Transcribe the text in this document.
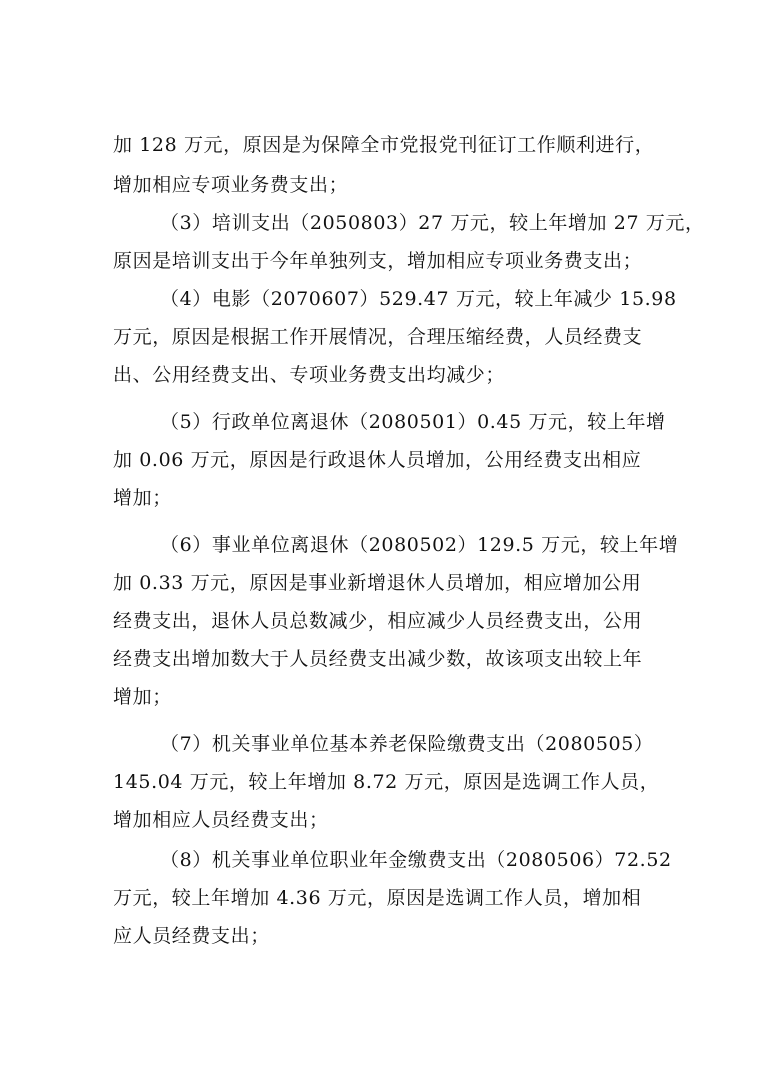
加 128 万元，原因是为保障全市党报党刊征订工作顺利进行，
增加相应专项业务费支出；
（3）培训支出（2050803）27 万元，较上年增加 27 万元，
原因是培训支出于今年单独列支，增加相应专项业务费支出；
（4）电影（2070607）529.47 万元，较上年减少 15.98
万元，原因是根据工作开展情况，合理压缩经费，人员经费支
出、公用经费支出、专项业务费支出均减少；
（5）行政单位离退休（2080501）0.45 万元，较上年增
加 0.06 万元，原因是行政退休人员增加，公用经费支出相应
增加；
（6）事业单位离退休（2080502）129.5 万元，较上年增
加 0.33 万元，原因是事业新增退休人员增加，相应增加公用
经费支出，退休人员总数减少，相应减少人员经费支出，公用
经费支出增加数大于人员经费支出减少数，故该项支出较上年
增加；
（7）机关事业单位基本养老保险缴费支出（2080505）
145.04 万元，较上年增加 8.72 万元，原因是选调工作人员，
增加相应人员经费支出；
（8）机关事业单位职业年金缴费支出（2080506）72.52
万元，较上年增加 4.36 万元，原因是选调工作人员，增加相
应人员经费支出；
